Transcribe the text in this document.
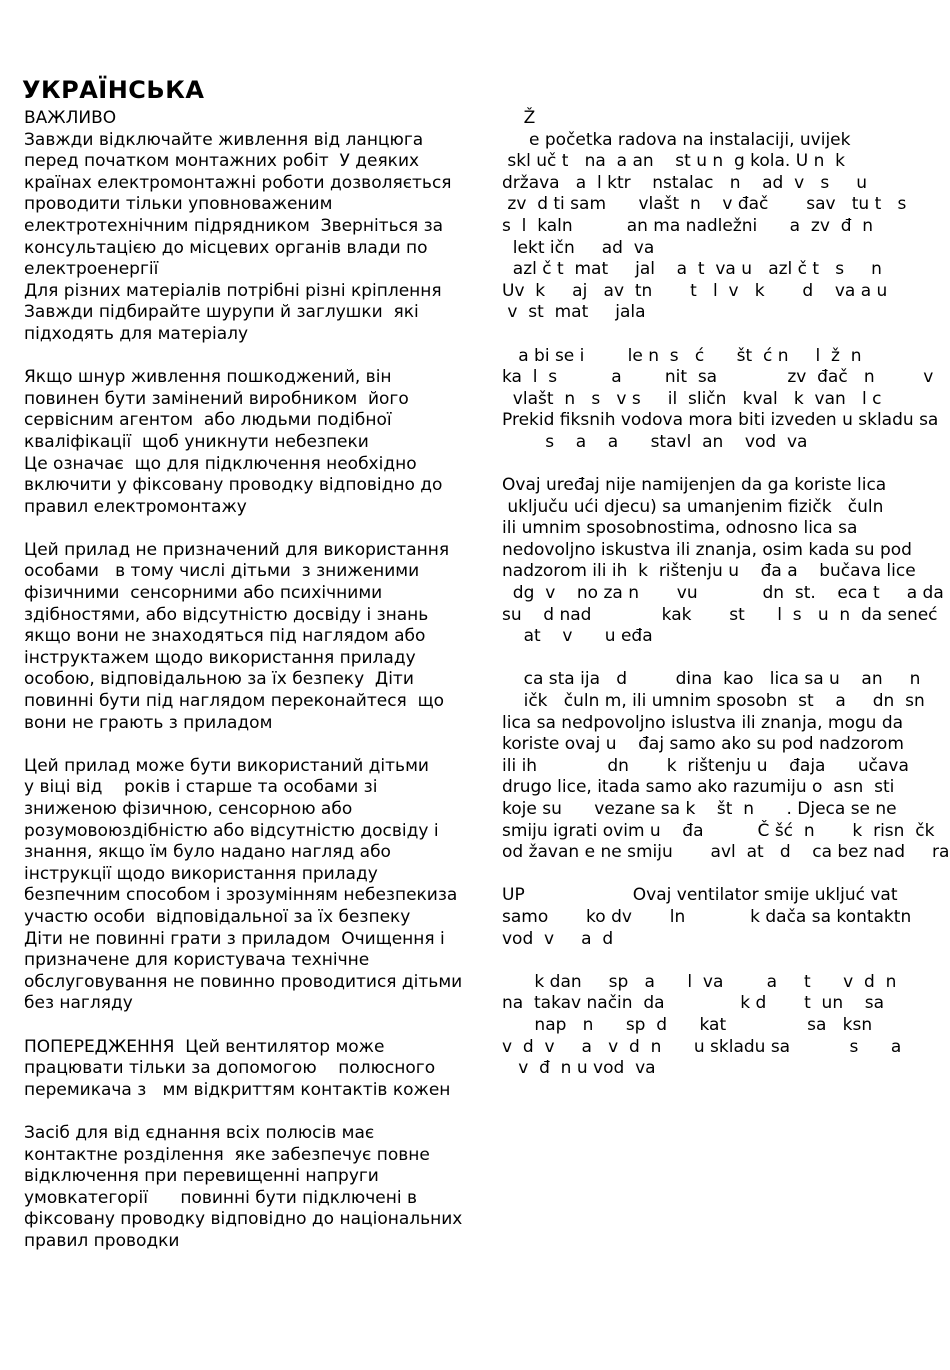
УКРАЇНСЬКА
ВАЖЛИВО
Завжди відключайте живлення від ланцюга
перед початком монтажних робіт  У деяких
країнах електромонтажні роботи дозволяється
проводити тільки уповноваженим
електротехнічним підрядником  Зверніться за
консультацією до місцевих органів влади по
електроенергії
Для різних матеріалів потрібні різні кріплення
Завжди підбирайте шурупи й заглушки  які
підходять для матеріалу
Якщо шнур живлення пошкоджений, він
повинен бути замінений виробником  його
сервісним агентом  або людьми подібної
кваліфікації  щоб уникнути небезпеки
Це означає  що для підключення необхідно
включити у фіксовану проводку відповідно до
правил електромонтажу
Цей прилад не призначений для використання
особами   в тому числі дітьми  з зниженими
фізичними  сенсорними або психічними
здібностями, або відсутністю досвіду і знань
якщо вони не знаходяться під наглядом або
інструктажем щодо використання приладу
особою, відповідальною за їх безпеку  Діти
повинні бути під наглядом переконайтеся  що
вони не грають з приладом
Цей прилад може бути використаний дітьми
у віці від    років і старше та особами зі
зниженою фізичною, сенсорною або
розумовоюздібністю або відсутністю досвіду і
знання, якщо їм було надано нагляд або
інструкції щодо використання приладу
безпечним способом і зрозумінням небезпекиза
участю особи  відповідальної за їх безпеку
Діти не повинні грати з приладом  Очищення і
призначене для користувача технічне
обслуговування не повинно проводитися дітьми
без нагляду
ПОПЕРЕДЖЕННЯ  Цей вентилятор може
працювати тільки за допомогою    полюсного
перемикача з   мм відкриттям контактів кожен
Засіб для від єднання всіх полюсів має
контактне розділення  яке забезпечує повне
відключення при перевищенні напруги
умовкатегорії      повинні бути підключені в
фіксовану проводку відповідно до національних
правил проводки
Ž
e početka radova na instalaciji, uvijek
skl uč t   na  a an    st u n  g kola. U n  k
država   a  l ktr    nstalac   n    ad  v   s     u
zv  d ti sam      vlašt  n    v đač       sav   tu t   s
s  l  kaln          an ma nadležni      a  zv  đ  n
lekt ičn     ad  va
azl č t  mat     jal    a  t  va u   azl č t   s     n
Uv  k     aj   av  tn       t   l  v   k       d    va a u
v  st  mat     jala
a bi se i        le n  s   ć      št  ć n     l  ž  n
ka  l  s          a        nit  sa             zv  đač   n         v
vlašt  n   s   v s     il  sličn   kval   k  van   l c
Prekid fiksnih vodova mora biti izveden u skladu sa
s    a    a      stavl  an    vod  va
Ovaj uređaj nije namijenjen da ga koriste lica
uključu ući djecu) sa umanjenim fizičk   čuln
ili umnim sposobnostima, odnosno lica sa
nedovoljno iskustva ili znanja, osim kada su pod
nadzorom ili ih  k  rištenju u    đa a    bučava lice
dg  v    no za n       vu            dn  st.    eca t     a da
su    d nad             kak       st      l  s   u  n  da seneć
at    v      u eđa
ca sta ija   d         dina  kao   lica sa u    an     n
ičk   čuln m, ili umnim sposobn  st    a     dn  sn
lica sa nedpovoljno islustva ili znanja, mogu da
koriste ovaj u    đaj samo ako su pod nadzorom
ili ih             dn       k  rištenju u    đaja      učava
drugo lice, itada samo ako razumiju o  asn  sti
koje su      vezane sa k    št  n      . Djeca se ne
smiju igrati ovim u    đa          Č šć  n       k  risn  čk
od žavan e ne smiju       avl  at   d    ca bez nad     ra
UP                    Ovaj ventilator smije ukljuć vat
samo       ko dv       ln            k dača sa kontaktn
vod  v     a  d
k dan     sp   a      l  va        a     t      v  d  n
na  takav način  da              k d       t  un    sa
nap   n      sp  d      kat               sa   ksn
v  d  v     a   v  d  n      u skladu sa           s      a
v  đ  n u vod  va
